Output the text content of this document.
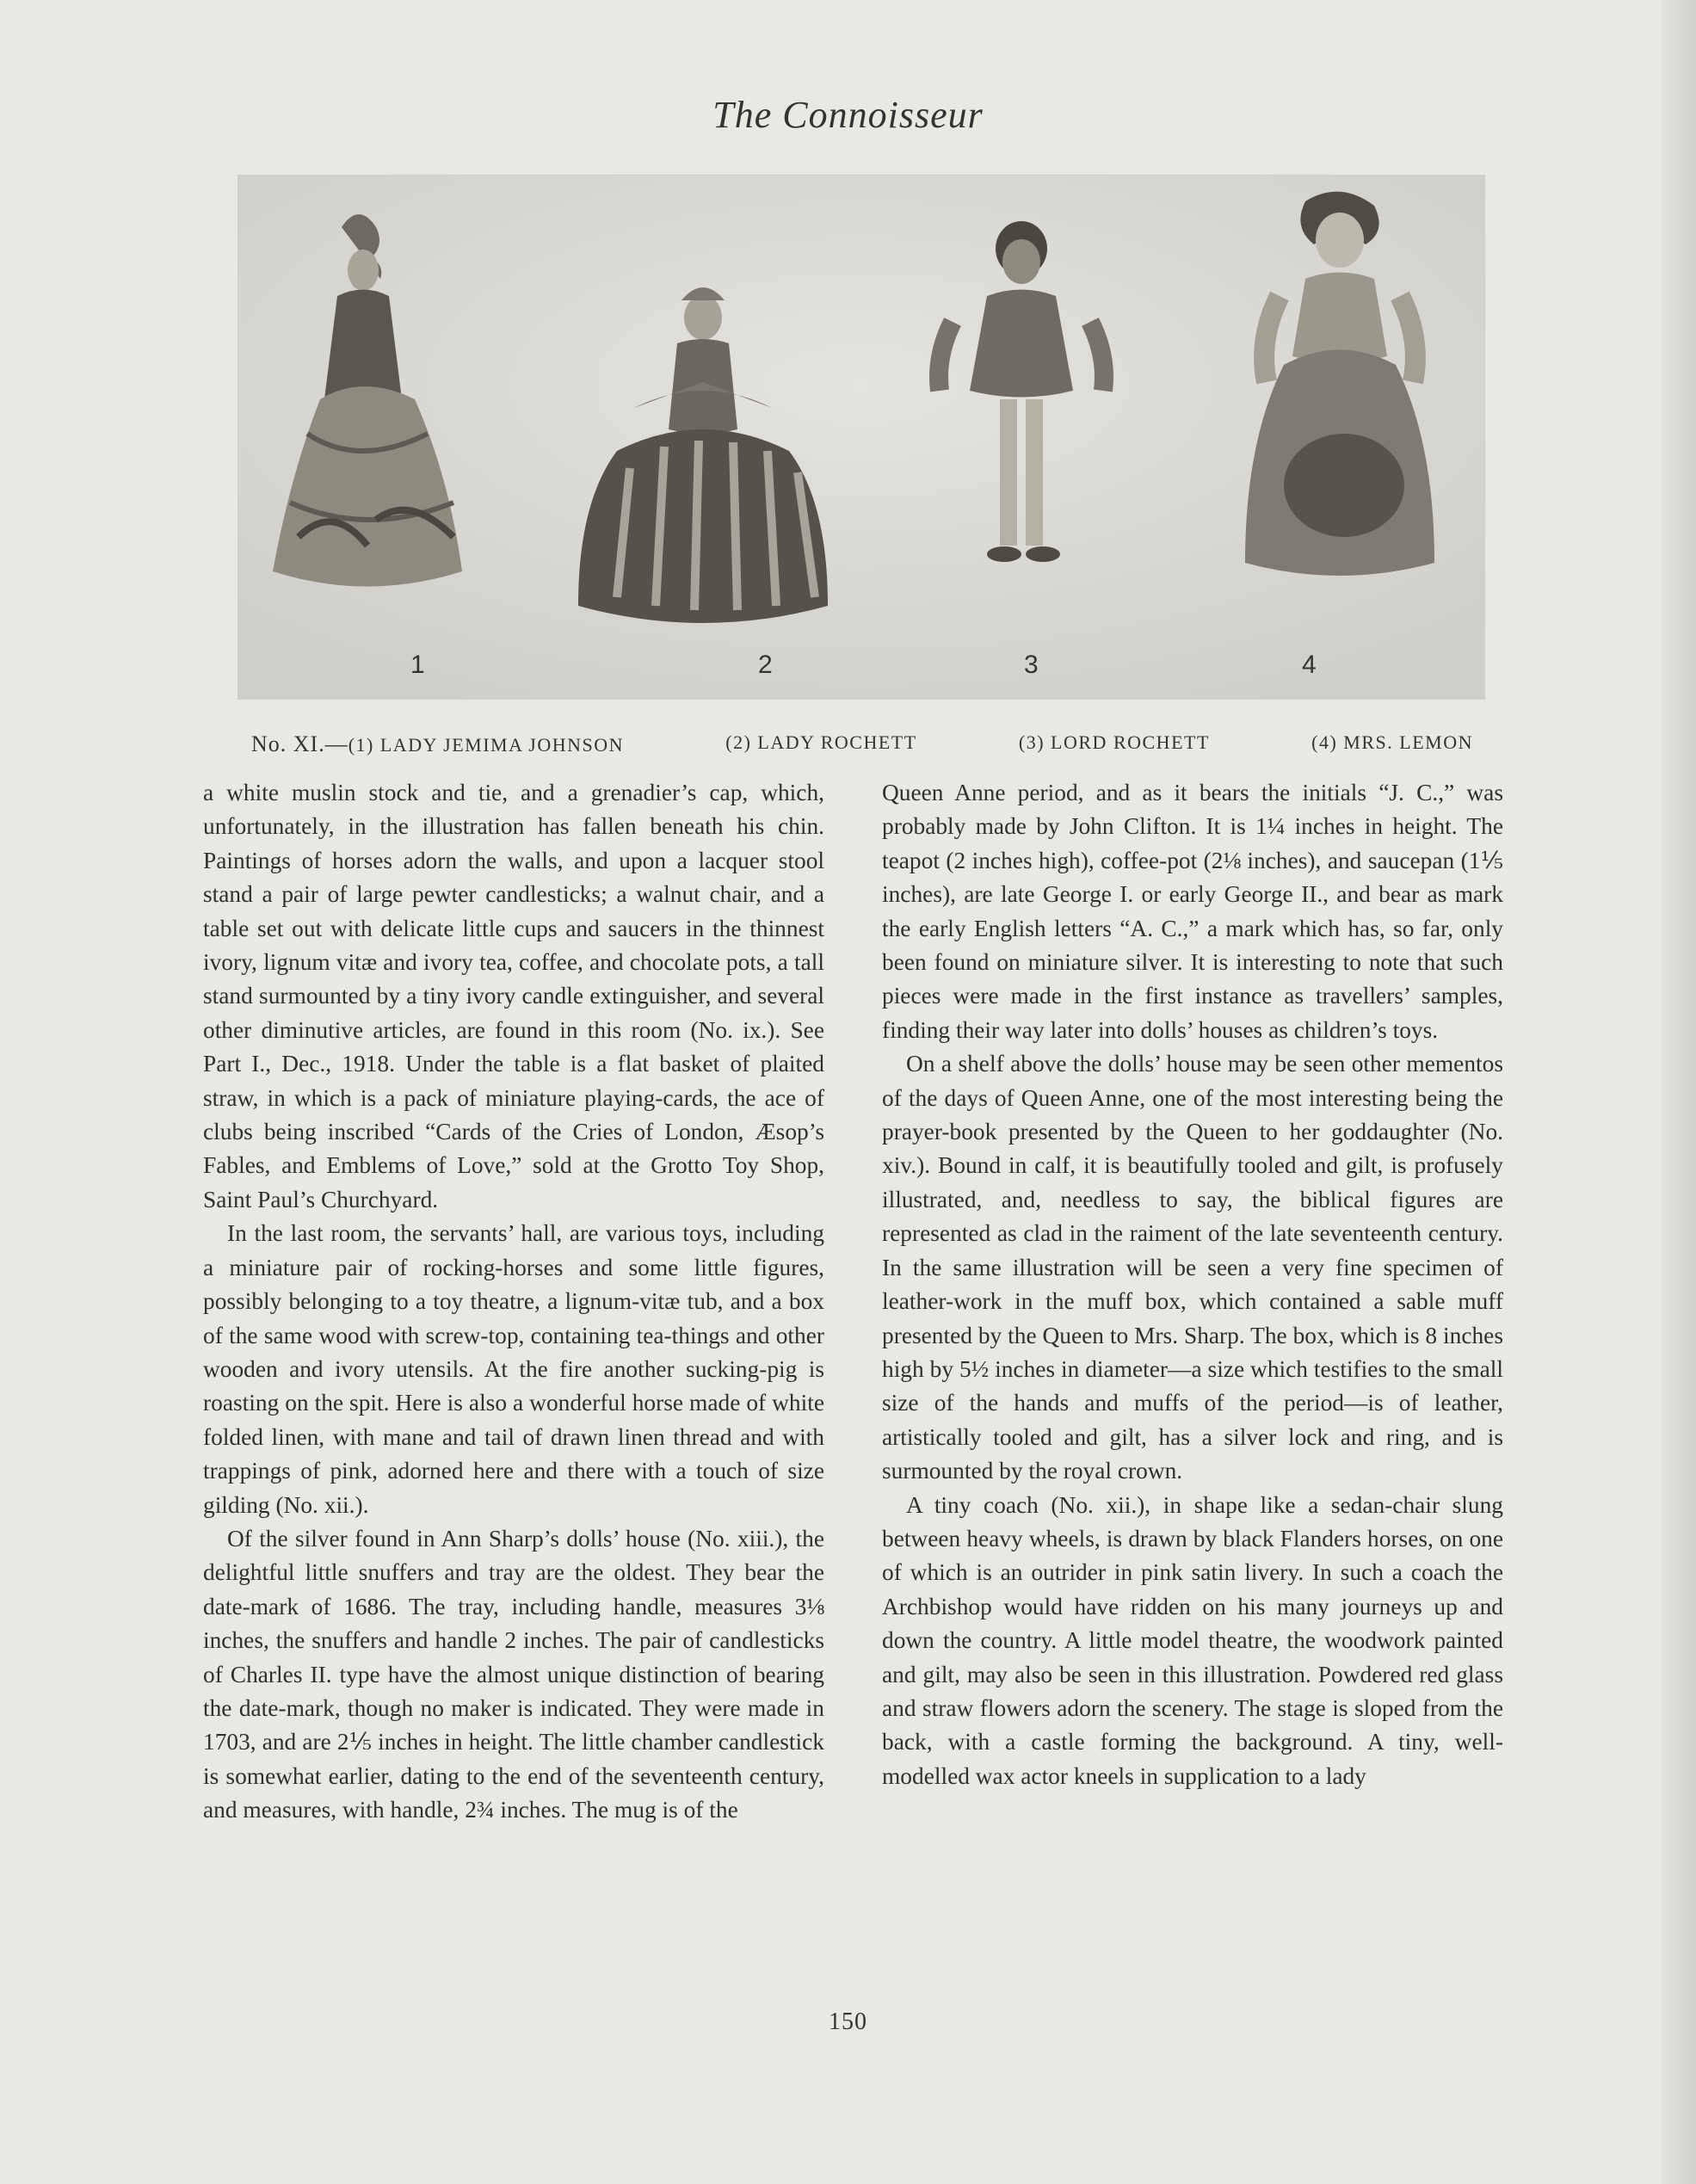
The Connoisseur
1	2	3	4
No. XI.—(1) LADY JEMIMA JOHNSON	(2) LADY ROCHETT	(3) LORD ROCHETT	(4) MRS. LEMON

a white muslin stock and tie, and a grenadier’s cap, which, unfortunately, in the illustration has fallen beneath his chin. Paintings of horses adorn the walls, and upon a lacquer stool stand a pair of large pewter candlesticks; a walnut chair, and a table set out with delicate little cups and saucers in the thinnest ivory, lignum vitæ and ivory tea, coffee, and chocolate pots, a tall stand surmounted by a tiny ivory candle extinguisher, and several other diminutive articles, are found in this room (No. ix.). See Part I., Dec., 1918. Under the table is a flat basket of plaited straw, in which is a pack of miniature playing-cards, the ace of clubs being inscribed “Cards of the Cries of London, Æsop’s Fables, and Emblems of Love,” sold at the Grotto Toy Shop, Saint Paul’s Churchyard.

In the last room, the servants’ hall, are various toys, including a miniature pair of rocking-horses and some little figures, possibly belonging to a toy theatre, a lignum-vitæ tub, and a box of the same wood with screw-top, containing tea-things and other wooden and ivory utensils. At the fire another sucking-pig is roasting on the spit. Here is also a wonderful horse made of white folded linen, with mane and tail of drawn linen thread and with trappings of pink, adorned here and there with a touch of size gilding (No. xii.).

Of the silver found in Ann Sharp’s dolls’ house (No. xiii.), the delightful little snuffers and tray are the oldest. They bear the date-mark of 1686. The tray, including handle, measures 3⅛ inches, the snuffers and handle 2 inches. The pair of candlesticks of Charles II. type have the almost unique distinction of bearing the date-mark, though no maker is indicated. They were made in 1703, and are 2⅕ inches in height. The little chamber candlestick is somewhat earlier, dating to the end of the seventeenth century, and measures, with handle, 2¾ inches. The mug is of the

Queen Anne period, and as it bears the initials “J. C.,” was probably made by John Clifton. It is 1¼ inches in height. The teapot (2 inches high), coffee-pot (2⅛ inches), and saucepan (1⅕ inches), are late George I. or early George II., and bear as mark the early English letters “A. C.,” a mark which has, so far, only been found on miniature silver. It is interesting to note that such pieces were made in the first instance as travellers’ samples, finding their way later into dolls’ houses as children’s toys.

On a shelf above the dolls’ house may be seen other mementos of the days of Queen Anne, one of the most interesting being the prayer-book presented by the Queen to her goddaughter (No. xiv.). Bound in calf, it is beautifully tooled and gilt, is profusely illustrated, and, needless to say, the biblical figures are represented as clad in the raiment of the late seventeenth century. In the same illustration will be seen a very fine specimen of leather-work in the muff box, which contained a sable muff presented by the Queen to Mrs. Sharp. The box, which is 8 inches high by 5½ inches in diameter—a size which testifies to the small size of the hands and muffs of the period—is of leather, artistically tooled and gilt, has a silver lock and ring, and is surmounted by the royal crown.

A tiny coach (No. xii.), in shape like a sedan-chair slung between heavy wheels, is drawn by black Flanders horses, on one of which is an outrider in pink satin livery. In such a coach the Archbishop would have ridden on his many journeys up and down the country. A little model theatre, the woodwork painted and gilt, may also be seen in this illustration. Powdered red glass and straw flowers adorn the scenery. The stage is sloped from the back, with a castle forming the background. A tiny, well-modelled wax actor kneels in supplication to a lady

150
